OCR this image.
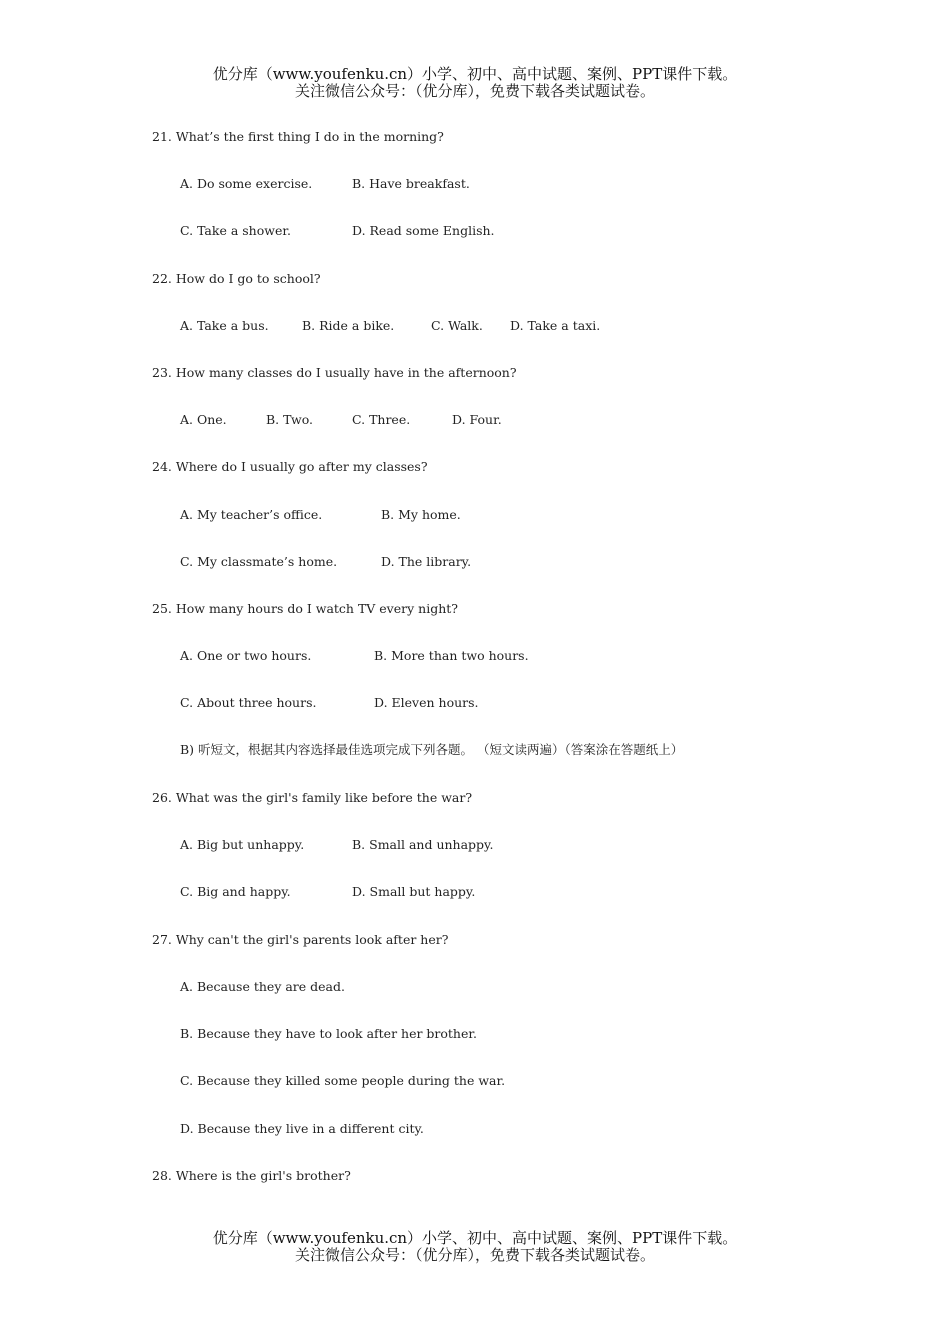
优分库（www.youfenku.cn）小学、初中、高中试题、案例、PPT课件下载。
关注微信公众号：（优分库），免费下载各类试题试卷。
21. What’s the first thing I do in the morning?
A. Do some exercise.	B. Have breakfast.
C. Take a shower.	D. Read some English.
22. How do I go to school?
A. Take a bus.	B. Ride a bike.	C. Walk. D. Take a taxi.
23. How many classes do I usually have in the afternoon?
A. One.	B. Two.	C. Three.	D. Four.
24. Where do I usually go after my classes?
A. My teacher’s office.	B. My home.
C. My classmate’s home.	D. The library.
25. How many hours do I watch TV every night?
A. One or two hours.	B. More than two hours.
C. About three hours.	D. Eleven hours.
B) 听短文，根据其内容选择最佳选项完成下列各题。 （短文读两遍）（答案涂在答题纸上）
26. What was the girl's family like before the war?
A. Big but unhappy.	B. Small and unhappy.
C. Big and happy.	D. Small but happy.
27. Why can't the girl's parents look after her?
A. Because they are dead.
B. Because they have to look after her brother.
C. Because they killed some people during the war.
D. Because they live in a different city.
28. Where is the girl's brother?
优分库（www.youfenku.cn）小学、初中、高中试题、案例、PPT课件下载。
关注微信公众号：（优分库），免费下载各类试题试卷。
